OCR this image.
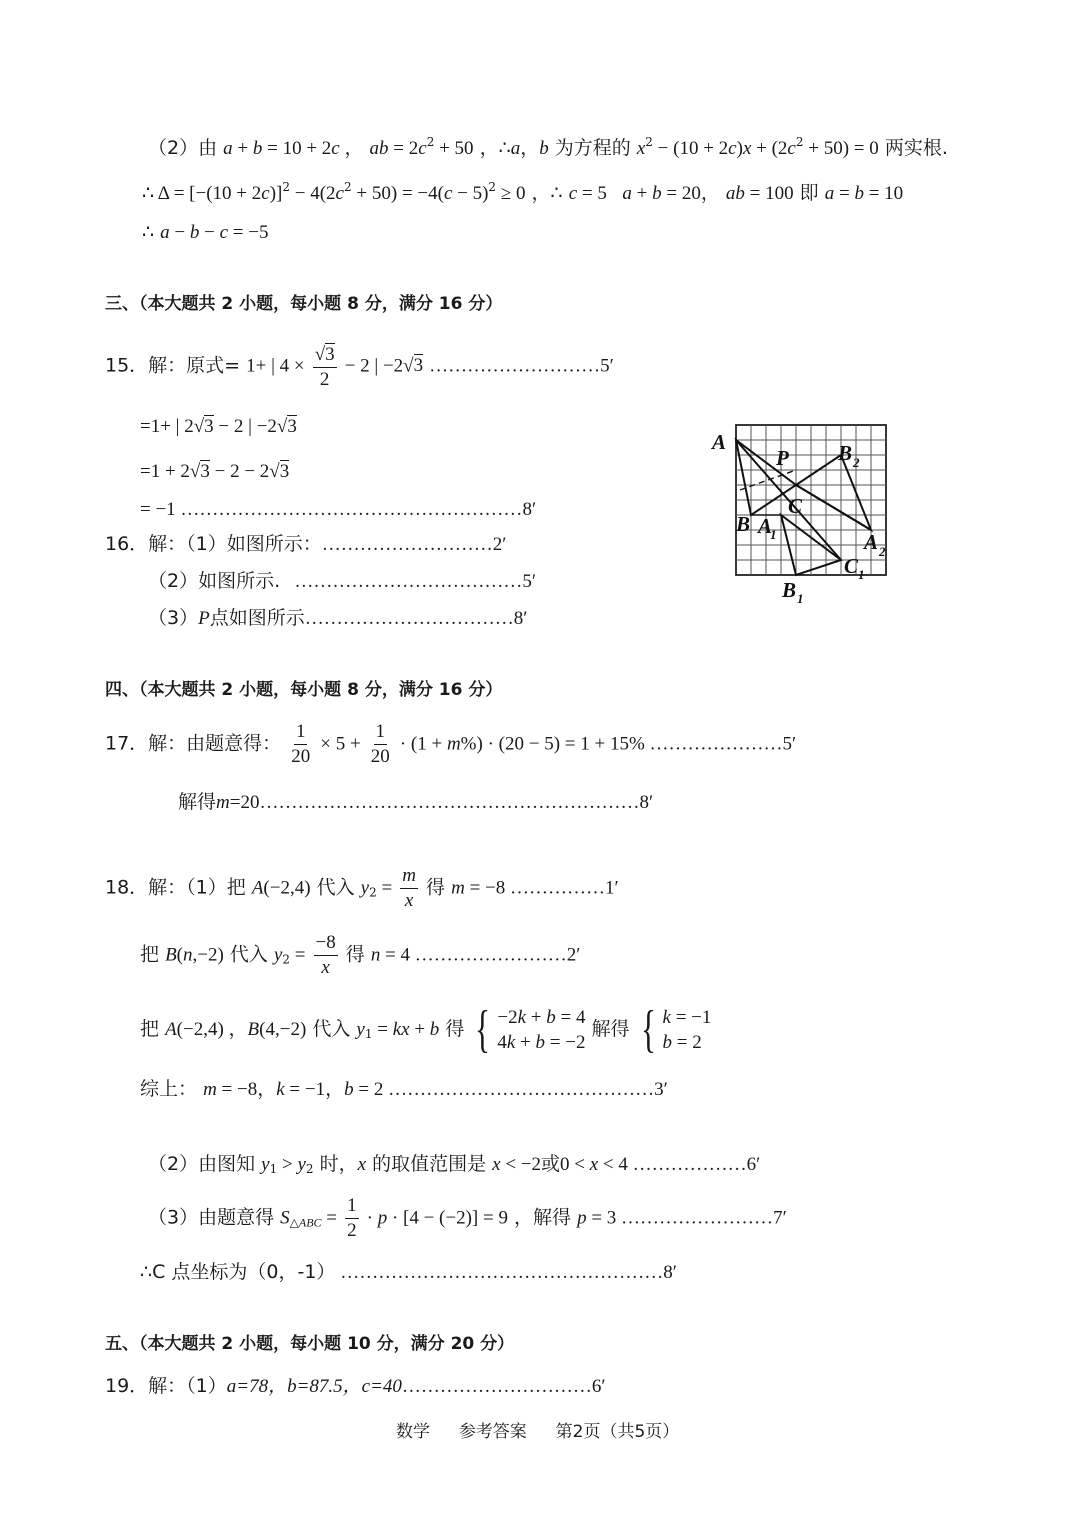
（2）由 a + b = 10 + 2c ， ab = $2c^2 + 50$ ，∴a，b 为方程的 $x^2 - (10 + 2c)x + (2c^2 + 50) = 0$ 两实根.
∴ $\Delta = [-(10 + 2c)]^2 - 4(2c^2 + 50) = -4(c - 5)^2 \ge 0$ ，∴ c = 5   a + b = 20， ab = 100 即 a = b = 10
∴ a − b − c = −5
三、（本大题共 2 小题，每小题 8 分，满分 16 分）
15．解：原式= 1+ | $4 \times \frac{√3}{2} - 2$ | −2√3 ………………………5′
=1+ | 2√3 − 2 | −2√3
=1 + 2√3 − 2 − 2√3
= −1 ………………………………………………8′
16．解：（1）如图所示：………………………2′
（2）如图所示.   ………………………………5′
（3）P点如图所示……………………………8′
A
P
B
C
A
1
B 2
A 2
C 1
B 1
四、（本大题共 2 小题，每小题 8 分，满分 16 分）
17．解：由题意得： $\frac{1}{20} \times 5 + \frac{1}{20} \cdot (1 + m\%) \cdot (20 - 5) = 1 + 15\%$ …………………5′
解得m=20……………………………………………………8′
18．解：（1）把 A(−2,4) 代入 $y_2 = \frac{m}{x}$ 得 m = −8 ……………1′
把 B(n,−2) 代入 $y_2 = \frac{-8}{x}$ 得 n = 4 ……………………2′
把 A(−2,4) ，B(4,−2) 代入 $y_1$ = kx + b 得 { −2k + b = 4
4k + b = −2
解得 { k = −1
b = 2
综上： m = −8，k = −1，b = 2 ……………………………………3′
（2）由图知 $y_1 > y_2$ 时，x 的取值范围是 x < −2或0 < x < 4 ………………6′
（3）由题意得 $S_{\triangle ABC} = \frac{1}{2} \cdot p \cdot [4 - (-2)] = 9$ ，解得 p = 3 ……………………7′
∴C 点坐标为（0，-1） ……………………………………………8′
五、（本大题共 2 小题，每小题 10 分，满分 20 分）
19．解：（1）a=78，b=87.5，c=40…………………………6′
数学 参考答案 第2页（共5页）
